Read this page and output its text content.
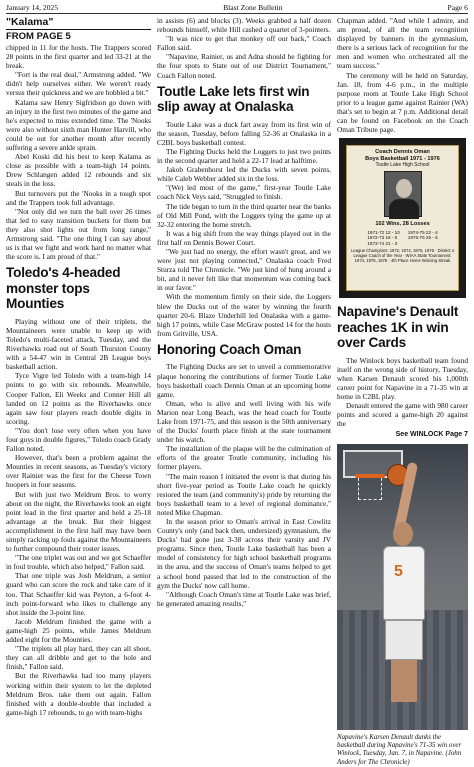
January 14, 2025	Blast Zone Bulletin	Page 6
"Kalama"
FROM PAGE 5

chipped in 11 for the hosts. The Trappers scored 28 points in the first quarter and led 33-21 at the break.

"Fort is the real deal," Armstrong added. "We didn't help ourselves either. We weren't ready versus their quickness and we are hobbled a bit."

Kalama saw Henry Sigfridson go down with an injury in the first two minutes of the game and he's expected to miss extended time. The 'Nooks were also without sixth man Hunter Harvill, who could be out for another month after recently suffering a severe ankle sprain.

Abel Koski did his best to keep Kalama as close as possible with a team-high 14 points. Drew Schlangen added 12 rebounds and six steals in the loss.

But turnovers put the 'Nooks in a tough spot and the Trappers took full advantage.

"Not only did we turn the ball over 26 times that led to easy transition buckets for them but they also shot lights out from long range," Armstrong said. "The one thing I can say about us is that we fight and work hard no matter what the score is. I am proud of that."

Toledo's 4-headed monster tops Mounties

Playing without one of their triplets, the Mountaineers were unable to keep up with Toledo's multi-faceted attack, Tuesday, and the Riverhawks road out of South Thurston County with a 54-47 win in Central 2B League boys basketball action.

Tyce Vigre led Toledo with a team-high 14 points to go with six rebounds. Meanwhile, Cooper Fallon, Eli Weeks and Conner Hill all landed on 12 points as the Riverhawks once again saw four players reach double digits in scoring.

"You don't lose very often when you have four guys in double figures," Toledo coach Grady Fallon noted.

However, that's been a problem against the Mounties in recent seasons, as Tuesday's victory over Rainier was the first for the Cheese Town hoopers in four seasons.

But with just two Meldrum Bros. to worry about on the night, the Riverhawks took an eight point lead in the first quarter and held a 25-18 advantage at the break. But their biggest accomplishment in the first half may have been simply racking up fouls against the Mountaineers to further compound their roster issues.

"The one triplet was out and we got Schaeffer in foul trouble, which also helped," Fallon said.

That one triple was Josh Meldrum, a senior guard who can score the rock and take care of it too. That Schaeffer kid was Peyton, a 6-foot 4-inch point-forward who likes to challenge any shot inside the 3-point line.

Jacob Meldrum finished the game with a game-high 25 points, while James Meldrum added eight for the Mounties.

"The triplets all play hard, they can all shoot, they can all dribble and get to the hole and finish," Fallon said.

But the Riverhawks had too many players working within their system to let the depleted Meldrum Bros. take them out again. Fallon finished with a double-double that included a game-high 17 rebounds, to go with team-highs

in assists (6) and blocks (3). Weeks grabbed a half dozen rebounds himself, while Hill cashed a quartet of 3-pointers.

"It was nice to get that monkey off our back," Coach Fallon said.

"Napavine, Rainier, us and Adna should be fighting for the four spots to State out of our District Tournament," Coach Fallon noted.

Toutle Lake lets first win slip away at Onalaska

Toutle Lake was a duck fart away from its first win of the season, Tuesday, before falling 52-36 at Onalaska in a C2BL boys basketball contest.

The Fighting Ducks held the Loggers to just two points in the second quarter and held a 22-17 lead at halftime.

Jakob Grabenhorst led the Ducks with seven points, while Caleb Webber added six in the loss.

"(We) led most of the game," first-year Toutle Lake coach Nick Veys said, "Struggled to finish.

The tide began to turn in the third quarter near the banks of Old Mill Pond, with the Loggers tying the game up at 32-32 entering the home stretch.

It was a big shift from the way things played out in the first half on Dennis Bower Court.

"We just had no energy, the effort wasn't great, and we were just not playing connected," Onalaska coach Fred Sturza told The Chronicle. "We just kind of hung around a bit, and it never felt like that momentum was coming back in our favor."

With the momentum firmly on their side, the Loggers blew the Ducks out of the water by winning the fourth quarter 20-6. Blaze Underhill led Onalaska with a game-high 17 points, while Case McGraw posted 14 for the hosts from Gritville, USA.

Honoring Coach Oman

The Fighting Ducks are set to unveil a commemorative plaque honoring the contributions of former Toutle Lake boys basketball coach Dennis Oman at an upcoming home game.

Oman, who is alive and well living with his wife Marion near Long Beach, was the head coach for Toutle Lake from 1971-75, and this season is the 50th anniversary of the Ducks' fourth place finish at the state tournament under his watch.

The installation of the plaque will be the culmination of efforts of the greater Toutle community, including his former players.

"The main reason I initiated the event is that during his short five-year period as Toutle Lake coach he quickly restored the team (and community's) pride by returning the boys basketball team to a level of regional dominance," noted Mike Chapman.

In the season prior to Oman's arrival in East Cowlitz County's only (and back then, undersized) gymnasium, the Ducks' had gone just 3-38 across their varsity and JV programs. Since then, Toutle Lake basketball has been a model of consistency for high school basketball programs in the area, and the success of Oman's teams helped to get a school bond passed that led to the construction of the gym the Ducks' now call home.

"Although Coach Oman's time at Toutle Lake was brief, he generated amazing results,"

Chapman added. "And while I admire, and am proud, of all the team recognition displayed by banners in the gymnasium, there is a serious lack of recognition for the men and women who orchestrated all the team success."

The ceremony will be held on Saturday, Jan. 18, from 4-6 p.m., in the multiple purpose room at Toutle Lake High School prior to a league game against Rainier (WA) that's set to begin at 7 p.m. Additional detail can be found on Facebook on the Coach Oman Tribute page.

Coach Dennis Oman
Boys Basketball 1971 - 1976
Toutle Lake High School
102 Wins, 28 Losses
1971-72 12 - 10
1972-73 18 - 5
1973-74 21 - 3
1974-75 22 - 4
1975-76 25 - 6
League Champions: 1972, 1974, 1975, 1976 · District 4 League Coach of the Year · WIAA State Tournament: 1974, 1975, 1976 · 4th Place Home Winning Streak
Napavine's Denault reaches 1K in win over Cards

The Winlock boys basketball team found itself on the wrong side of history, Tuesday, when Karsen Denault scored his 1,000th career point for Napavine in a 71-35 win at home in C2BL play.

Denault entered the game with 980 career points and scored a game-high 20 against the

See WINLOCK Page 7
5
Napavine's Karsen Denault dunks the basketball during Napavine's 71-35 win over Winlock, Tuesday, Jan. 7, in Napavine. (John Anders for The Chronicle)
